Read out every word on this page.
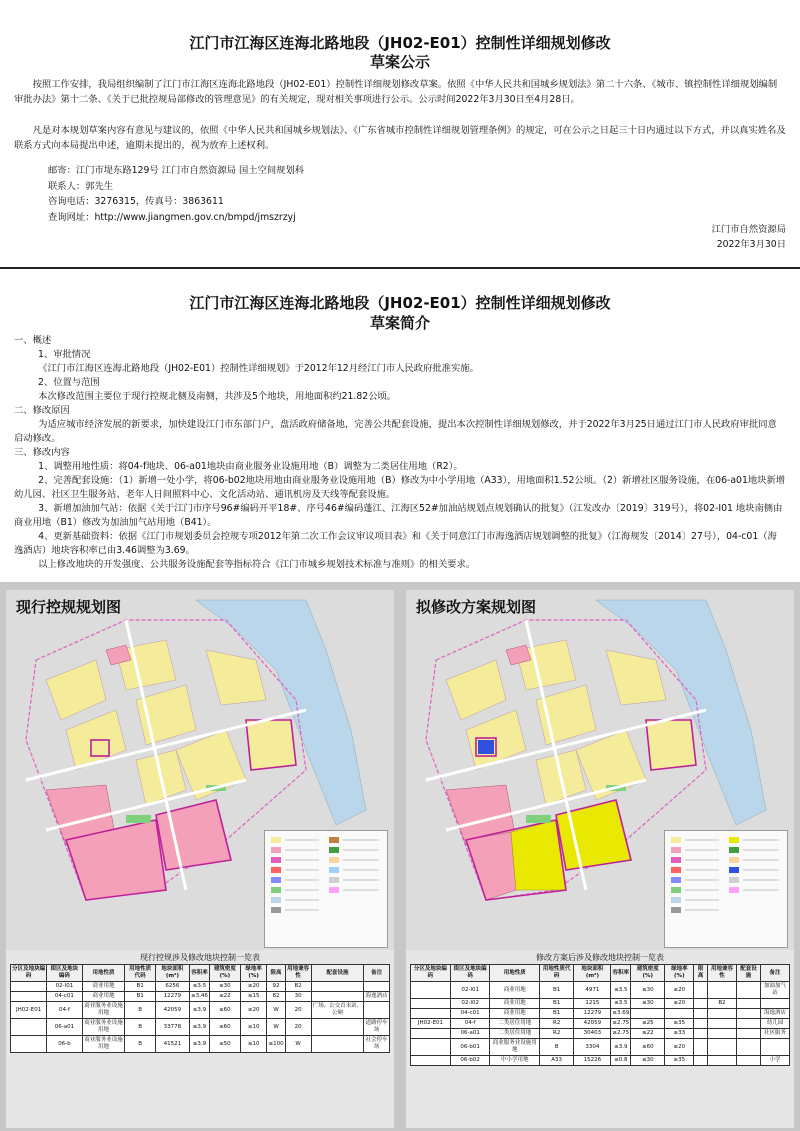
江门市江海区连海北路地段（JH02-E01）控制性详细规划修改
草案公示
按照工作安排，我局组织编制了江门市江海区连海北路地段（JH02-E01）控制性详细规划修改草案。依照《中华人民共和国城乡规划法》第二十六条、《城市、镇控制性详细规划编制审批办法》第十二条、《关于已批控规局部修改的管理意见》的有关规定，现对相关事项进行公示。公示时间2022年3月30日至4月28日。
凡是对本规划草案内容有意见与建议的，依照《中华人民共和国城乡规划法》、《广东省城市控制性详细规划管理条例》的规定，可在公示之日起三十日内通过以下方式，并以真实姓名及联系方式向本局提出申述，逾期未提出的，视为放弃上述权利。
邮寄：江门市堤东路129号 江门市自然资源局 国土空间规划科
联系人：郭先生
咨询电话：3276315，传真号：3863611
查询网址：http://www.jiangmen.gov.cn/bmpd/jmszrzyj
江门市自然资源局
2022年3月30日
江门市江海区连海北路地段（JH02-E01）控制性详细规划修改
草案简介
一、概述
1、审批情况
《江门市江海区连海北路地段（JH02-E01）控制性详细规划》于2012年12月经江门市人民政府批准实施。
2、位置与范围
本次修改范围主要位于现行控规北侧及南侧，共涉及5个地块，用地面积约21.82公顷。
二、修改原因
为适应城市经济发展的新要求，加快建设江门市东部门户，盘活政府储备地，完善公共配套设施，提出本次控制性详细规划修改，并于2022年3月25日通过江门市人民政府审批同意启动修改。
三、修改内容
1、调整用地性质：将04-f地块、06-a01地块由商业服务业设施用地（B）调整为二类居住用地（R2）。
2、完善配套设施：（1）新增一处小学，将06-b02地块用地由商业服务业设施用地（B）修改为中小学用地（A33），用地面积1.52公顷。（2）新增社区服务设施，在06-a01地块新增幼儿园、社区卫生服务站、老年人日间照料中心、文化活动站、通讯机房及天线等配套设施。
3、新增加油加气站：依据《关于江门市序号96#编码开平18#、序号46#编码蓬江、江海区52#加油站规划点规划确认的批复》（江发改办〔2019〕319号），将02-I01 地块南侧由商业用地（B1）修改为加油加气站用地（B41）。
4、更新基础资料：依据《江门市规划委员会控规专项2012年第二次工作会议审议项目表》和《关于同意江门市海逸酒店规划调整的批复》（江海规发〔2014〕27号），04-c01（海逸酒店）地块容积率已由3.46调整为3.69。
以上修改地块的开发强度、公共服务设施配套等指标符合《江门市城乡规划技术标准与准则》的相关要求。
现行控规规划图
现行控规涉及修改地块控制一览表
分区及地块编码	街区及地块编码	用地性质	用地性质代码	地块面积(m²)	容积率	建筑密度(%)	绿地率(%)	限高	用地兼容性	配套设施	备注
	02-I01	商业用地	B1	6256	≤3.5	≤30	≥20	92	B2		
	04-c01	商业用地	B1	12279	≤3.46	≤22	≥15	82	30		海逸酒店
JH02-E01	04-f	商业服务业设施用地	B	42059	≤3.9	≤60	≥20	W	20	广场、公交首末站、公厕	
	06-a01	商业服务业设施用地	B	33778	≤3.9	≤60	≥10	W	20		道路停车场
	06-b	商业服务业设施用地	B	41521	≤3.9	≤50	≥10	≤100	W		社会停车场
拟修改方案规划图
修改方案后涉及修改地块控制一览表
分区及地块编码	街区及地块编码	用地性质	用地性质代码	地块面积(m²)	容积率	建筑密度(%)	绿地率(%)	限高	用地兼容性	配套设施	备注
	02-I01	商业用地	B1	4971	≤3.5	≤30	≥20				加油加气站
	02-I02	商业用地	B1	1215	≤3.5	≤30	≥20		B2		
	04-c01	商业用地	B1	12279	≤3.69						海逸酒店
JH02-E01	04-f	二类居住用地	R2	42059	≤2.75	≤25	≥35				幼儿园
	06-a01	二类居住用地	R2	30403	≤2.75	≤22	≥33				社区服务
	06-b01	商业服务业设施用地	B	3304	≤3.9	≤60	≥20				
	06-b02	中小学用地	A33	15226	≤0.8	≤30	≥35				小学
